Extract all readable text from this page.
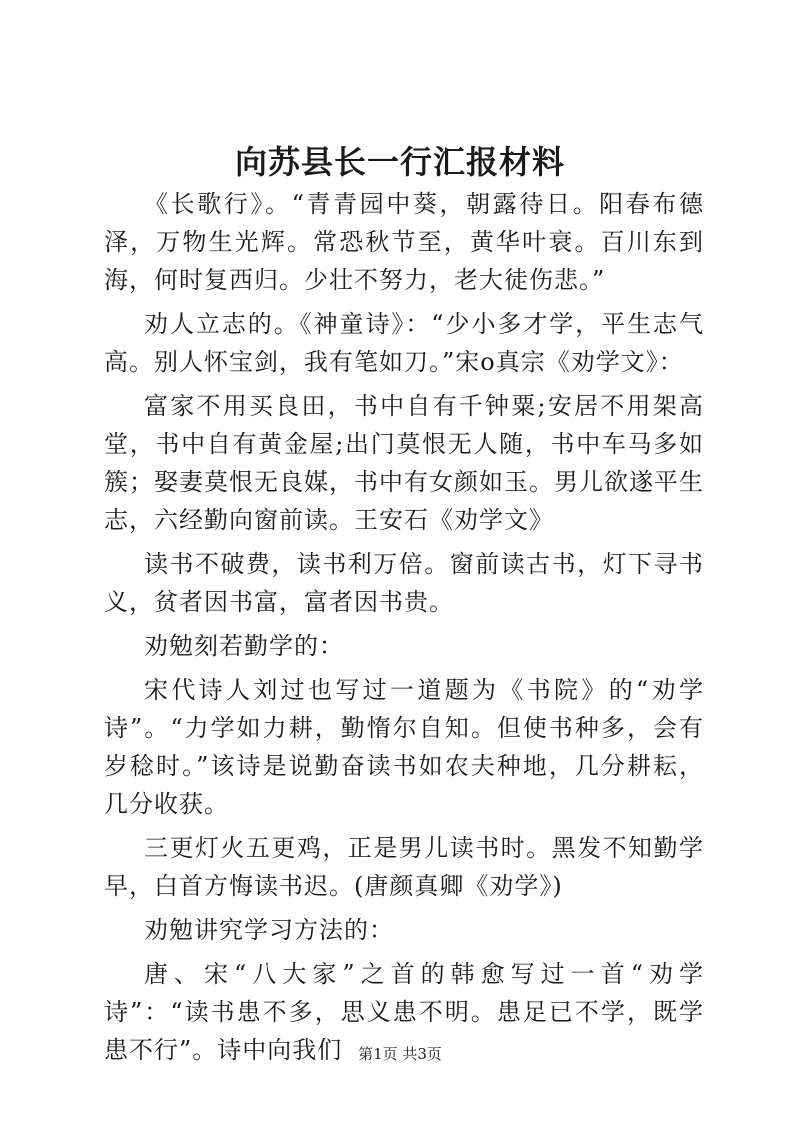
向苏县长一行汇报材料

《长歌行》。“青青园中葵，朝露待日。阳春布德泽，万物生光辉。常恐秋节至，黄华叶衰。百川东到海，何时复西归。少壮不努力，老大徒伤悲。”

劝人立志的。《神童诗》：“少小多才学，平生志气高。别人怀宝剑，我有笔如刀。”宋o真宗《劝学文》：

富家不用买良田，书中自有千钟粟;安居不用架高堂，书中自有黄金屋;出门莫恨无人随，书中车马多如簇；娶妻莫恨无良媒，书中有女颜如玉。男儿欲遂平生志，六经勤向窗前读。王安石《劝学文》

读书不破费，读书利万倍。窗前读古书，灯下寻书义，贫者因书富，富者因书贵。

劝勉刻若勤学的：

宋代诗人刘过也写过一道题为《书院》的“劝学诗”。“力学如力耕，勤惰尔自知。但使书种多，会有岁稔时。”该诗是说勤奋读书如农夫种地，几分耕耘，几分收获。

三更灯火五更鸡，正是男儿读书时。黑发不知勤学早，白首方悔读书迟。(唐颜真卿《劝学》)

劝勉讲究学习方法的：

唐、宋“八大家”之首的韩愈写过一首“劝学诗”：“读书患不多，思义患不明。患足已不学，既学患不行”。诗中向我们	第1页 共3页
